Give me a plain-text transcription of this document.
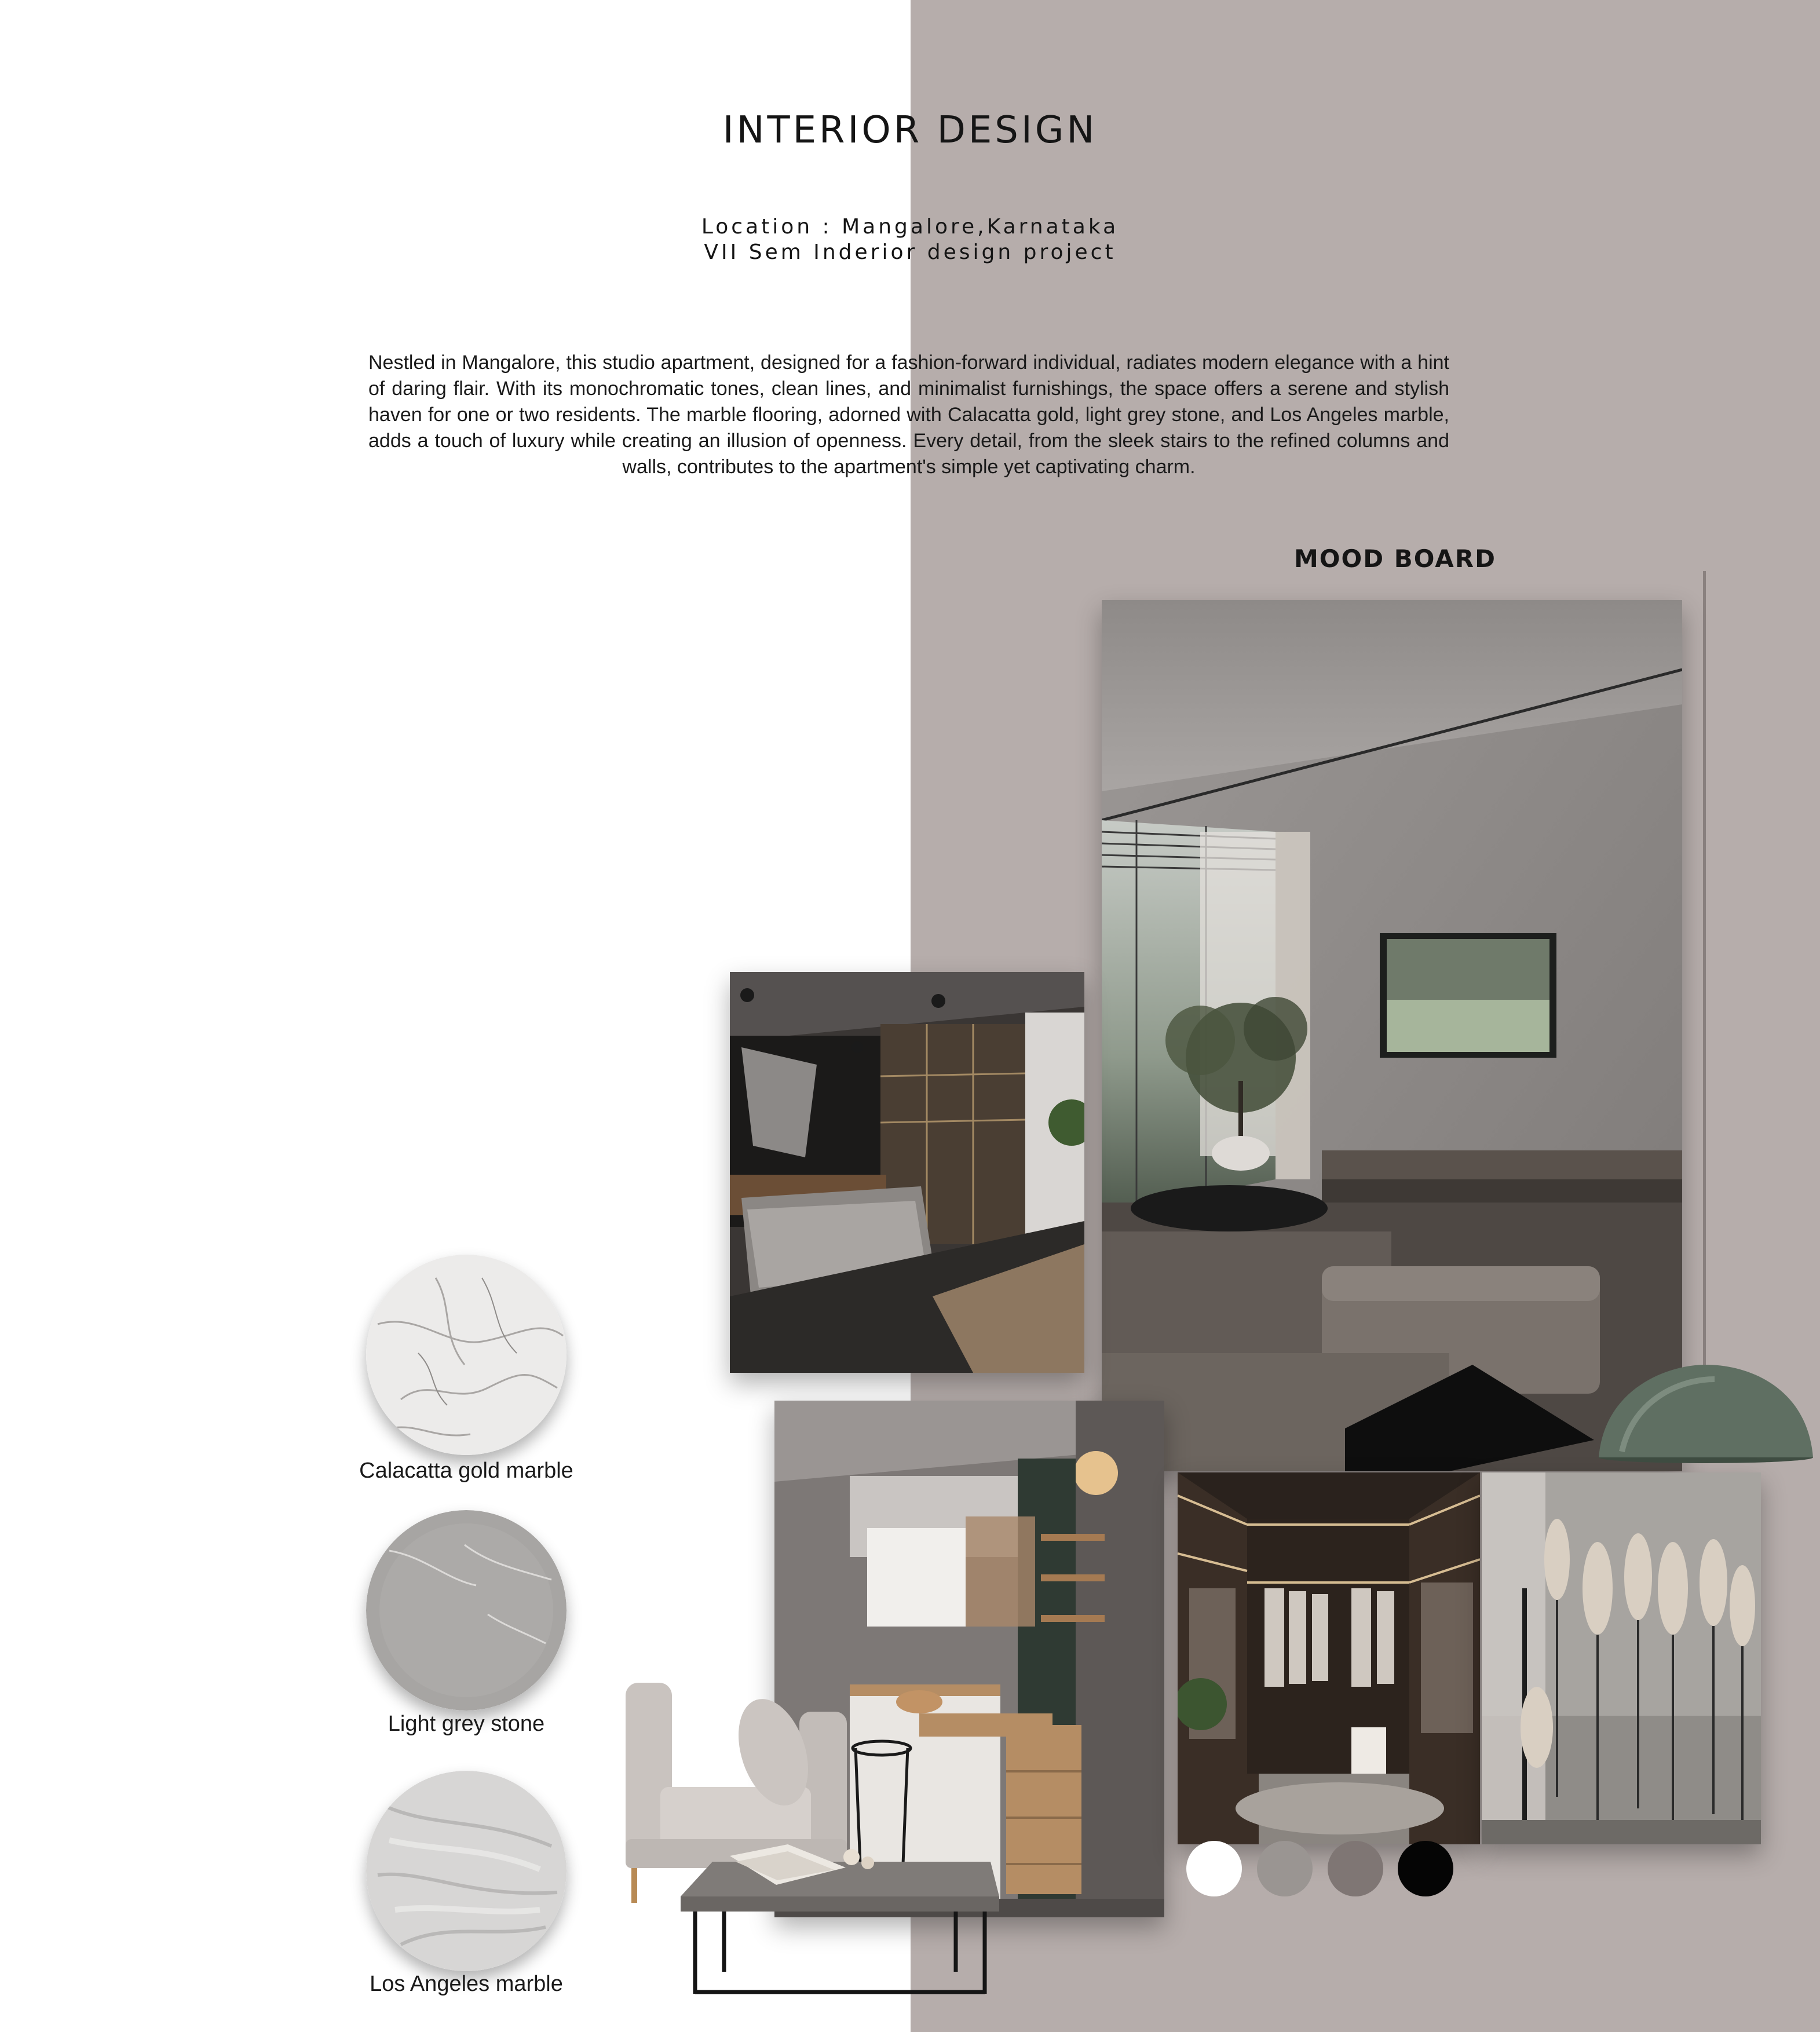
INTERIOR DESIGN
Location : Mangalore,Karnataka
VII Sem Inderior design project

Nestled in Mangalore, this studio apartment, designed for a fashion-forward individual, radiates modern elegance with a hint of daring flair. With its monochromatic tones, clean lines, and minimalist furnishings, the space offers a serene and stylish haven for one or two residents. The marble flooring, adorned with Calacatta gold, light grey stone, and Los Angeles marble, adds a touch of luxury while creating an illusion of openness. Every detail, from the sleek stairs to the refined columns and walls, contributes to the apartment's simple yet captivating charm.

MOOD BOARD
Calacatta gold marble
Light grey stone
Los Angeles marble
